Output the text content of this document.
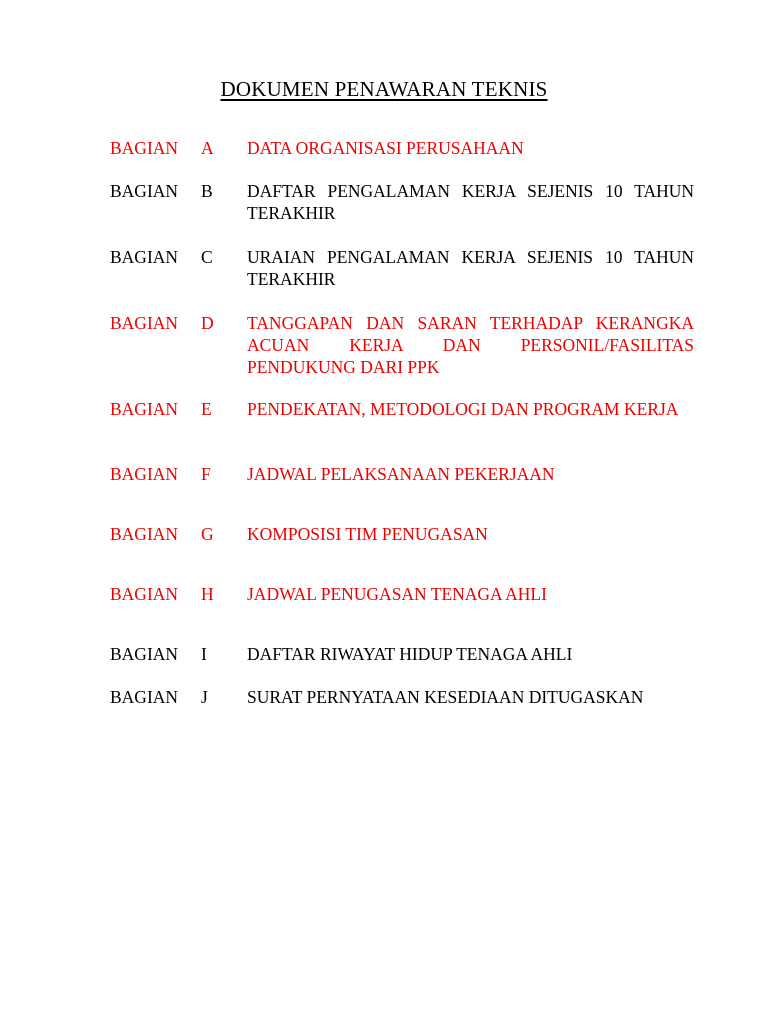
DOKUMEN PENAWARAN TEKNIS
BAGIAN A DATA ORGANISASI PERUSAHAAN
BAGIAN B DAFTAR PENGALAMAN KERJA SEJENIS 10 TAHUN TERAKHIR
BAGIAN C URAIAN PENGALAMAN KERJA SEJENIS 10 TAHUN TERAKHIR
BAGIAN D TANGGAPAN DAN SARAN TERHADAP KERANGKA ACUAN KERJA DAN PERSONIL/FASILITAS PENDUKUNG DARI PPK
BAGIAN E PENDEKATAN, METODOLOGI DAN PROGRAM KERJA
BAGIAN F JADWAL PELAKSANAAN PEKERJAAN
BAGIAN G KOMPOSISI TIM PENUGASAN
BAGIAN H JADWAL PENUGASAN TENAGA AHLI
BAGIAN I DAFTAR RIWAYAT HIDUP TENAGA AHLI
BAGIAN J SURAT PERNYATAAN KESEDIAAN DITUGASKAN
